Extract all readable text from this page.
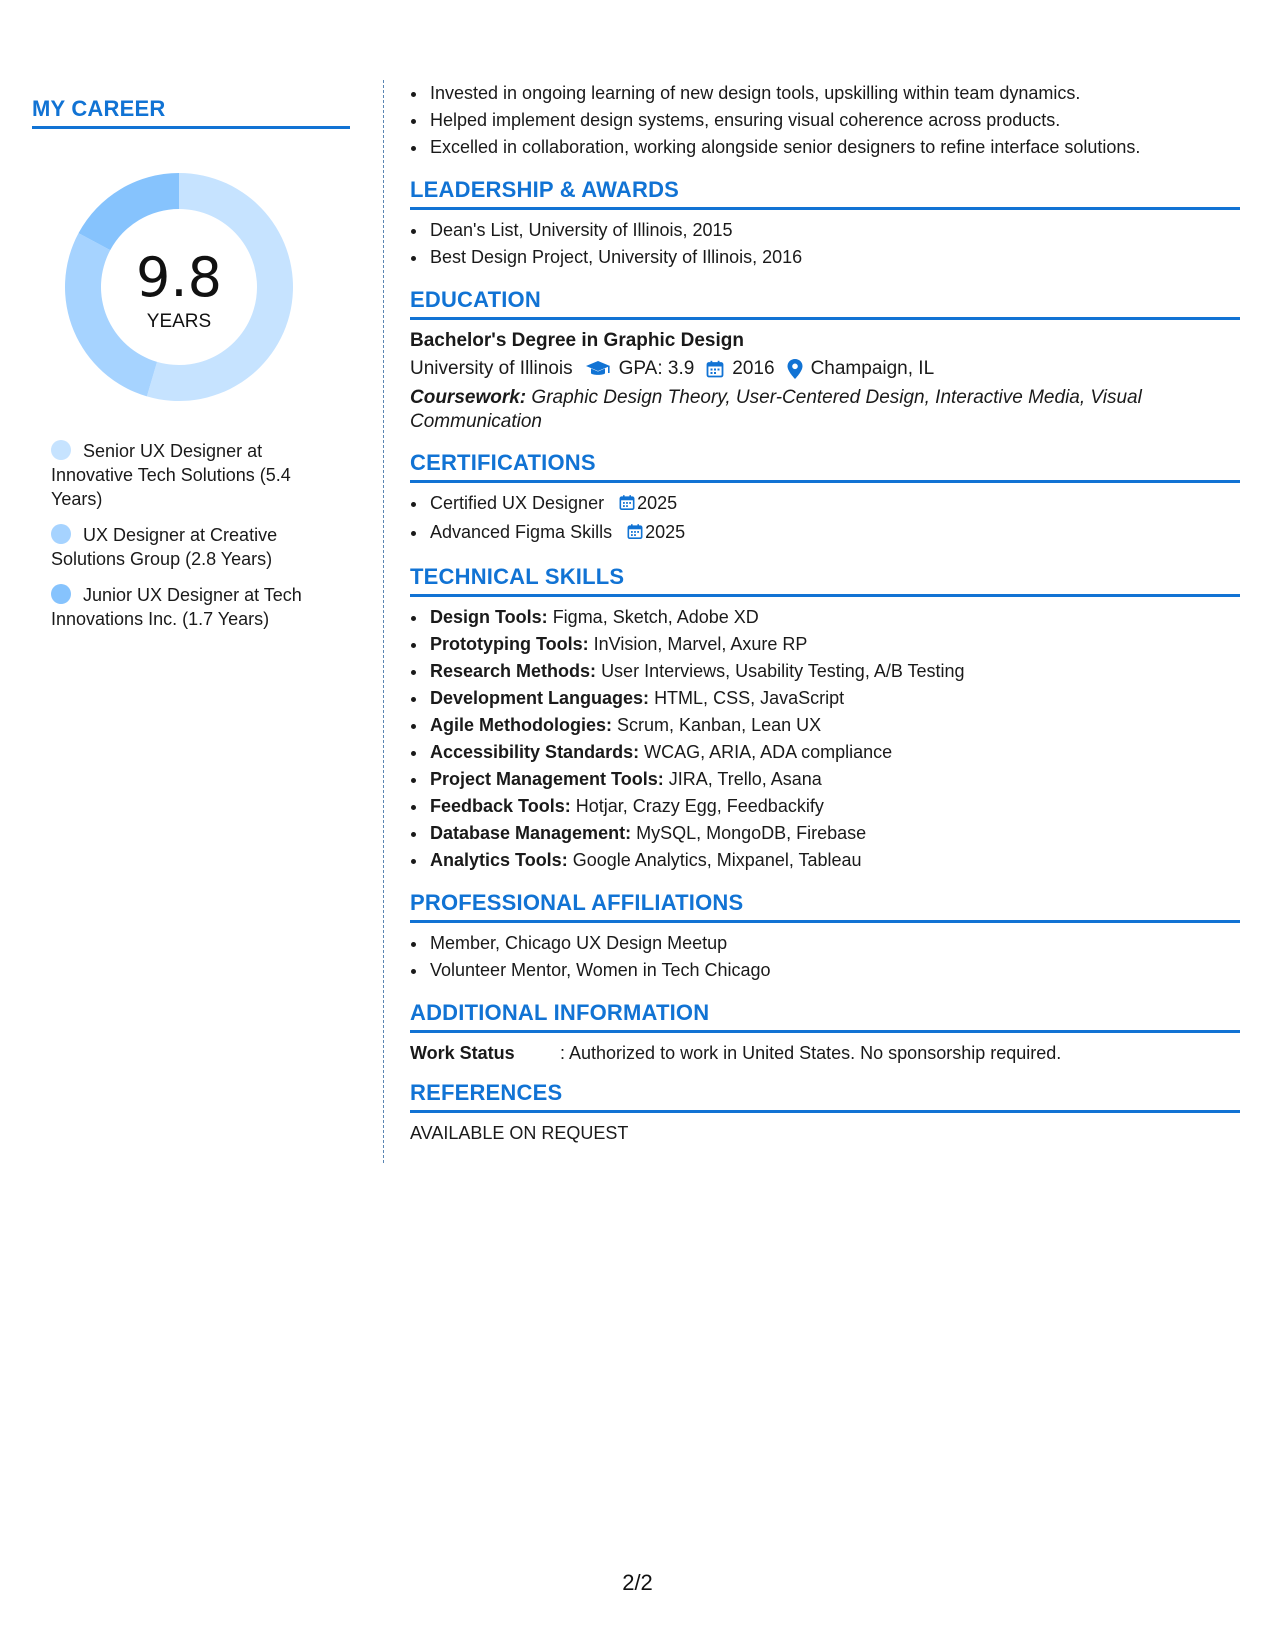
MY CAREER
9.8
YEARS
Senior UX Designer at Innovative Tech Solutions (5.4 Years)
UX Designer at Creative Solutions Group (2.8 Years)
Junior UX Designer at Tech Innovations Inc. (1.7 Years)
• Invested in ongoing learning of new design tools, upskilling within team dynamics.
• Helped implement design systems, ensuring visual coherence across products.
• Excelled in collaboration, working alongside senior designers to refine interface solutions.
LEADERSHIP & AWARDS
• Dean's List, University of Illinois, 2015
• Best Design Project, University of Illinois, 2016
EDUCATION
Bachelor's Degree in Graphic Design
University of Illinois GPA: 3.9 2016 Champaign, IL
Coursework: Graphic Design Theory, User-Centered Design, Interactive Media, Visual Communication
CERTIFICATIONS
• Certified UX Designer 2025
• Advanced Figma Skills 2025
TECHNICAL SKILLS
• Design Tools: Figma, Sketch, Adobe XD
• Prototyping Tools: InVision, Marvel, Axure RP
• Research Methods: User Interviews, Usability Testing, A/B Testing
• Development Languages: HTML, CSS, JavaScript
• Agile Methodologies: Scrum, Kanban, Lean UX
• Accessibility Standards: WCAG, ARIA, ADA compliance
• Project Management Tools: JIRA, Trello, Asana
• Feedback Tools: Hotjar, Crazy Egg, Feedbackify
• Database Management: MySQL, MongoDB, Firebase
• Analytics Tools: Google Analytics, Mixpanel, Tableau
PROFESSIONAL AFFILIATIONS
• Member, Chicago UX Design Meetup
• Volunteer Mentor, Women in Tech Chicago
ADDITIONAL INFORMATION
Work Status	: Authorized to work in United States. No sponsorship required.
REFERENCES
AVAILABLE ON REQUEST
2/2
